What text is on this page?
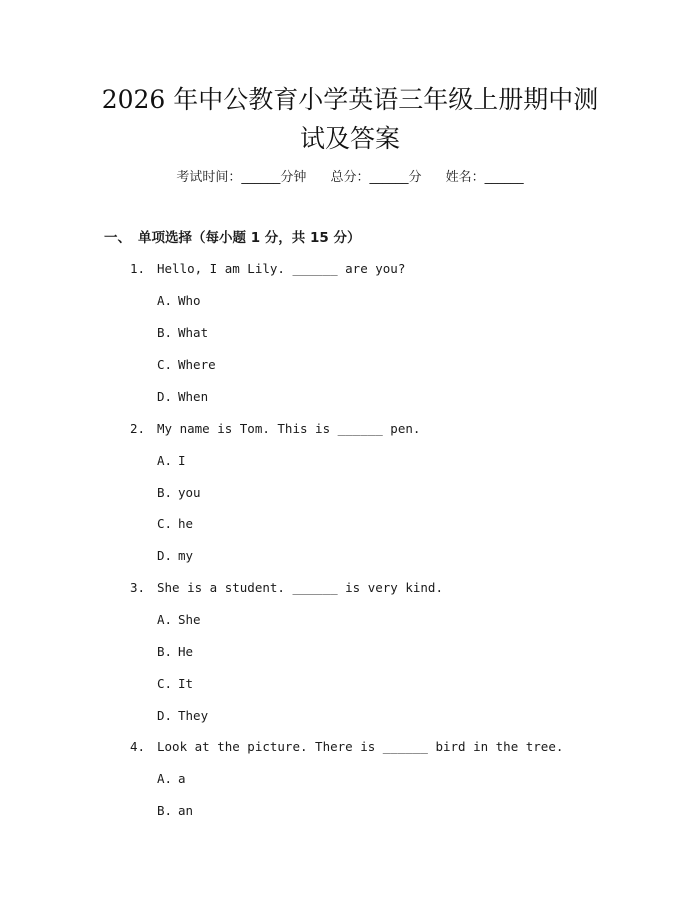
2026 年中公教育小学英语三年级上册期中测
试及答案
考试时间：______分钟 总分：______分 姓名：______
一、 单项选择（每小题 1 分，共 15 分）
1. Hello, I am Lily. ______ are you?
A. Who
B. What
C. Where
D. When
2. My name is Tom. This is ______ pen.
A. I
B. you
C. he
D. my
3. She is a student. ______ is very kind.
A. She
B. He
C. It
D. They
4. Look at the picture. There is ______ bird in the tree.
A. a
B. an
